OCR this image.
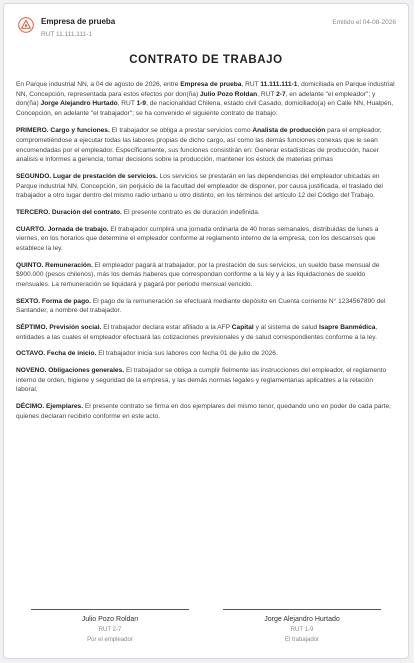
Empresa de prueba
RUT 11.111.111-1
Emitido el 04-08-2026
CONTRATO DE TRABAJO

En Parque industrial NN, a 04 de agosto de 2026, entre Empresa de prueba, RUT 11.111.111-1, domiciliada en Parque industrial NN, Concepción, representada para estos efectos por don(ña) Julio Pozo Roldan, RUT 2-7, en adelante "el empleador"; y don(ña) Jorge Alejandro Hurtado, RUT 1-9, de nacionalidad Chilena, estado civil Casado, domiciliado(a) en Calle NN, Hualpén, Concepción, en adelante "el trabajador"; se ha convenido el siguiente contrato de trabajo:

PRIMERO. Cargo y funciones. El trabajador se obliga a prestar servicios como Analista de producción para el empleador, comprometiéndose a ejecutar todas las labores propias de dicho cargo, así como las demás funciones conexas que le sean encomendadas por el empleador. Específicamente, sus funciones consistirán en: Generar estadísticas de producción, hacer analisis e informes a gerencia, tomar decisions sobre la producción, mantener los estock de materias primas

SEGUNDO. Lugar de prestación de servicios. Los servicios se prestarán en las dependencias del empleador ubicadas en Parque industrial NN, Concepción, sin perjuicio de la facultad del empleador de disponer, por causa justificada, el traslado del trabajador a otro lugar dentro del mismo radio urbano u otro distinto, en los términos del artículo 12 del Código del Trabajo.

TERCERO. Duración del contrato. El presente contrato es de duración indefinida.

CUARTO. Jornada de trabajo. El trabajador cumplirá una jornada ordinaria de 40 horas semanales, distribuidas de lunes a viernes, en los horarios que determine el empleador conforme al reglamento interno de la empresa, con los descansos que establece la ley.

QUINTO. Remuneración. El empleador pagará al trabajador, por la prestación de sus servicios, un sueldo base mensual de $900.000 (pesos chilenos), más los demás haberes que correspondan conforme a la ley y a las liquidaciones de sueldo mensuales. La remuneración se liquidará y pagará por periodo mensual vencido.

SEXTO. Forma de pago. El pago de la remuneración se efectuará mediante depósito en Cuenta corriente N° 1234567890 del Santander, a nombre del trabajador.

SÉPTIMO. Previsión social. El trabajador declara estar afiliado a la AFP Capital y al sistema de salud Isapre Banmédica, entidades a las cuales el empleador efectuará las cotizaciones previsionales y de salud correspondientes conforme a la ley.

OCTAVO. Fecha de inicio. El trabajador inicia sus labores con fecha 01 de julio de 2026.

NOVENO. Obligaciones generales. El trabajador se obliga a cumplir fielmente las instrucciones del empleador, el reglamento interno de orden, higiene y seguridad de la empresa, y las demás normas legales y reglamentarias aplicables a la relación laboral.

DÉCIMO. Ejemplares. El presente contrato se firma en dos ejemplares del mismo tenor, quedando uno en poder de cada parte, quienes declaran recibirlo conforme en este acto.

Julio Pozo Roldan
RUT 2-7
Por el empleador
Jorge Alejandro Hurtado
RUT 1-9
El trabajador
